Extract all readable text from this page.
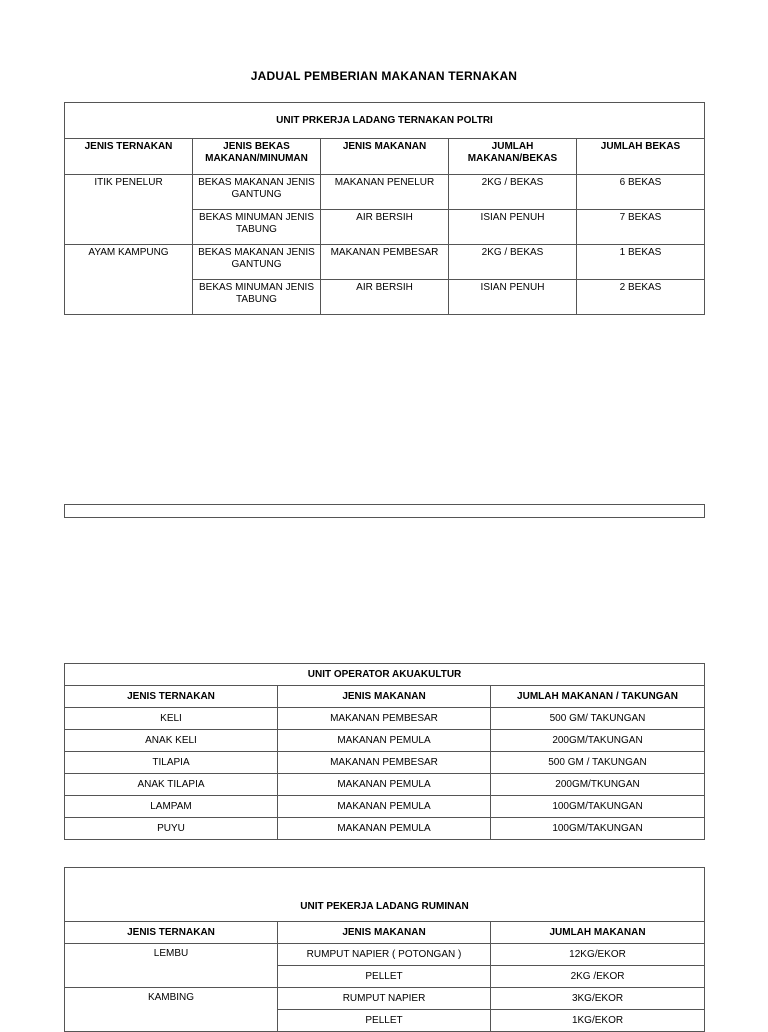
JADUAL PEMBERIAN MAKANAN TERNAKAN
UNIT PRKERJA LADANG TERNAKAN POLTRI				
JENIS TERNAKAN	JENIS BEKAS MAKANAN/MINUMAN	JENIS MAKANAN	JUMLAH MAKANAN/BEKAS	JUMLAH BEKAS
ITIK PENELUR	BEKAS MAKANAN JENIS GANTUNG	MAKANAN PENELUR	2KG / BEKAS	6 BEKAS
	BEKAS MINUMAN JENIS TABUNG	AIR BERSIH	ISIAN PENUH	7 BEKAS
AYAM KAMPUNG	BEKAS MAKANAN JENIS GANTUNG	MAKANAN PEMBESAR	2KG / BEKAS	1 BEKAS
	BEKAS MINUMAN JENIS TABUNG	AIR BERSIH	ISIAN PENUH	2 BEKAS
UNIT OPERATOR AKUAKULTUR		
JENIS TERNAKAN	JENIS MAKANAN	JUMLAH MAKANAN / TAKUNGAN
KELI	MAKANAN PEMBESAR	500 GM/ TAKUNGAN
ANAK KELI	MAKANAN PEMULA	200GM/TAKUNGAN
TILAPIA	MAKANAN PEMBESAR	500 GM / TAKUNGAN
ANAK TILAPIA	MAKANAN PEMULA	200GM/TKUNGAN
LAMPAM	MAKANAN PEMULA	100GM/TAKUNGAN
PUYU	MAKANAN PEMULA	100GM/TAKUNGAN
UNIT PEKERJA LADANG RUMINAN		
JENIS TERNAKAN	JENIS MAKANAN	JUMLAH MAKANAN
LEMBU	RUMPUT NAPIER ( POTONGAN )	12KG/EKOR
	PELLET	2KG /EKOR
KAMBING	RUMPUT NAPIER	3KG/EKOR
	PELLET	1KG/EKOR
